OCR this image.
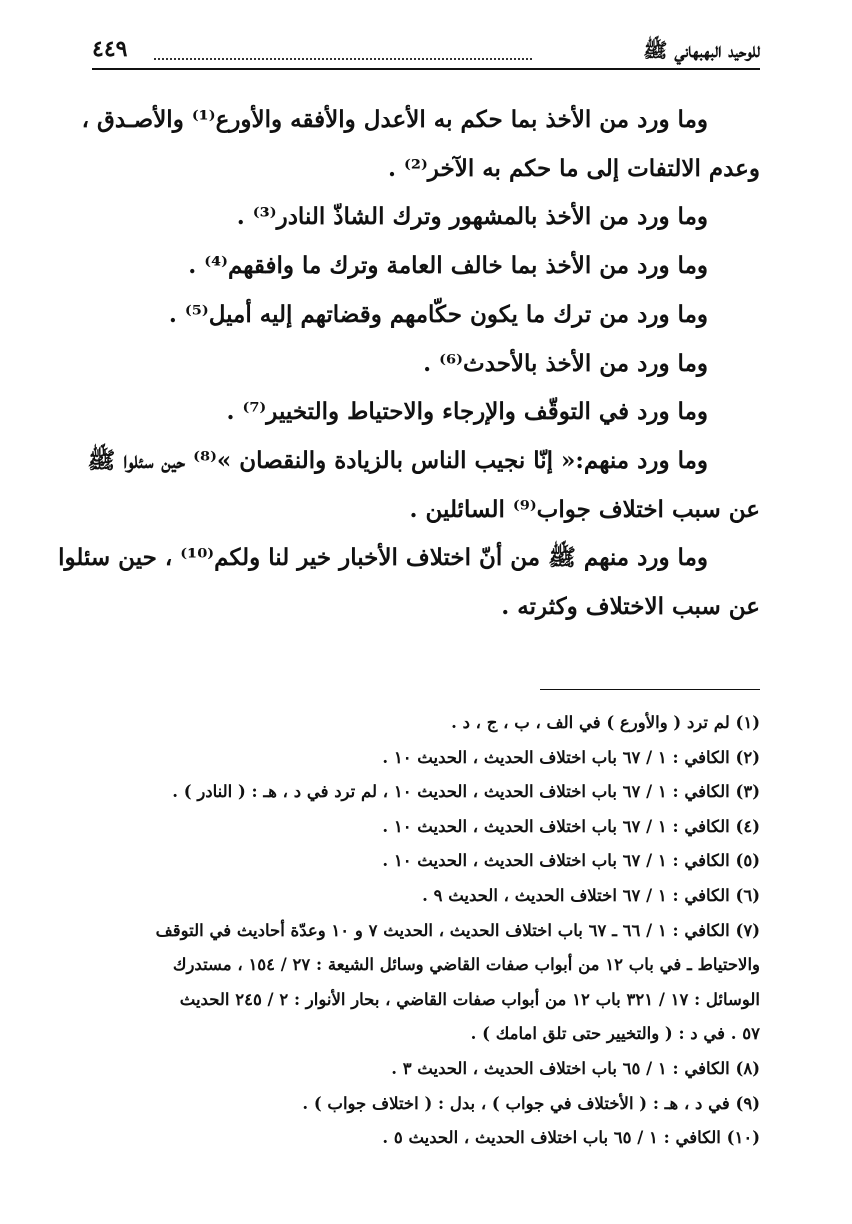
للوحيد البهبهاني ﷺ
٤٤٩

وما ورد من الأخذ بما حكم به الأعدل والأفقه والأورع⁽¹⁾ والأصـدق ،

وعدم الالتفات إلى ما حكم به الآخر⁽²⁾ .

وما ورد من الأخذ بالمشهور وترك الشاذّ النادر⁽³⁾ .

وما ورد من الأخذ بما خالف العامة وترك ما وافقهم⁽⁴⁾ .

وما ورد من ترك ما يكون حكّامهم وقضاتهم إليه أميل⁽⁵⁾ .

وما ورد من الأخذ بالأحدث⁽⁶⁾ .

وما ورد في التوقّف والإرجاء والاحتياط والتخيير⁽⁷⁾ .

وما ورد منهم:« إنّا نجيب الناس بالزيادة والنقصان »⁽⁸⁾ حين سئلوا ﷺ

عن سبب اختلاف جواب⁽⁹⁾ السائلين .

وما ورد منهم ﷺ من أنّ اختلاف الأخبار خير لنا ولكم⁽¹⁰⁾ ، حين سئلوا

عن سبب الاختلاف وكثرته .

(١) لم ترد ( والأورع ) في الف ، ب ، ج ، د .

(٢) الكافي : ١ / ٦٧ باب اختلاف الحديث ، الحديث ١٠ .

(٣) الكافي : ١ / ٦٧ باب اختلاف الحديث ، الحديث ١٠ ، لم ترد في د ، هـ : ( النادر ) .

(٤) الكافي : ١ / ٦٧ باب اختلاف الحديث ، الحديث ١٠ .

(٥) الكافي : ١ / ٦٧ باب اختلاف الحديث ، الحديث ١٠ .

(٦) الكافي : ١ / ٦٧ اختلاف الحديث ، الحديث ٩ .

(٧) الكافي : ١ / ٦٦ ـ ٦٧ باب اختلاف الحديث ، الحديث ٧ و ١٠ وعدّة أحاديث في التوقف

والاحتياط ـ في باب ١٢ من أبواب صفات القاضي وسائل الشيعة : ٢٧ / ١٥٤ ، مستدرك

الوسائل : ١٧ / ٣٢١ باب ١٢ من أبواب صفات القاضي ، بحار الأنوار : ٢ / ٢٤٥ الحديث

٥٧ . في د : ( والتخيير حتى تلق امامك ) .

(٨) الكافي : ١ / ٦٥ باب اختلاف الحديث ، الحديث ٣ .

(٩) في د ، هـ : ( الأختلاف في جواب ) ، بدل : ( اختلاف جواب ) .

(١٠) الكافي : ١ / ٦٥ باب اختلاف الحديث ، الحديث ٥ .
